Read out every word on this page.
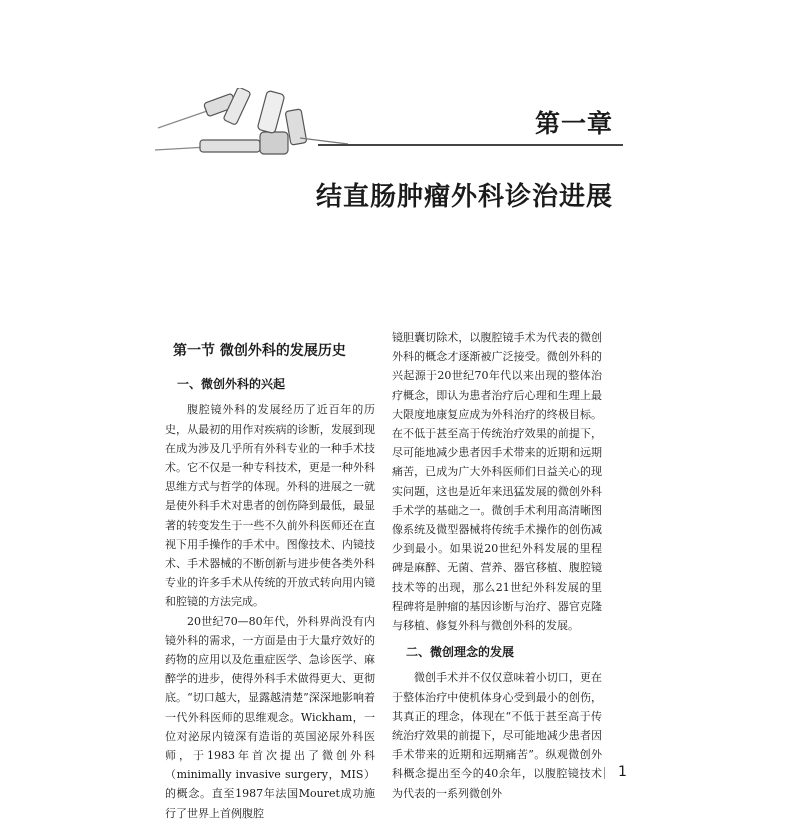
第一章
结直肠肿瘤外科诊治进展
第一节 微创外科的发展历史
一、微创外科的兴起

腹腔镜外科的发展经历了近百年的历史，从最初的用作对疾病的诊断，发展到现在成为涉及几乎所有外科专业的一种手术技术。它不仅是一种专科技术，更是一种外科思维方式与哲学的体现。外科的进展之一就是使外科手术对患者的创伤降到最低，最显著的转变发生于一些不久前外科医师还在直视下用手操作的手术中。图像技术、内镜技术、手术器械的不断创新与进步使各类外科专业的许多手术从传统的开放式转向用内镜和腔镜的方法完成。

20世纪70—80年代，外科界尚没有内镜外科的需求，一方面是由于大量疗效好的药物的应用以及危重症医学、急诊医学、麻醉学的进步，使得外科手术做得更大、更彻底。“切口越大，显露越清楚”深深地影响着一代外科医师的思维观念。Wickham，一位对泌尿内镜深有造诣的英国泌尿外科医师，于1983年首次提出了微创外科（minimally invasive surgery，MIS）的概念。直至1987年法国Mouret成功施行了世界上首例腹腔

镜胆囊切除术，以腹腔镜手术为代表的微创外科的概念才逐渐被广泛接受。微创外科的兴起源于20世纪70年代以来出现的整体治疗概念，即认为患者治疗后心理和生理上最大限度地康复应成为外科治疗的终极目标。在不低于甚至高于传统治疗效果的前提下，尽可能地减少患者因手术带来的近期和远期痛苦，已成为广大外科医师们日益关心的现实问题，这也是近年来迅猛发展的微创外科手术学的基础之一。微创手术利用高清晰图像系统及微型器械将传统手术操作的创伤减少到最小。如果说20世纪外科发展的里程碑是麻醉、无菌、营养、器官移植、腹腔镜技术等的出现，那么21世纪外科发展的里程碑将是肿瘤的基因诊断与治疗、器官克隆与移植、修复外科与微创外科的发展。

二、微创理念的发展

微创手术并不仅仅意味着小切口，更在于整体治疗中使机体身心受到最小的创伤，其真正的理念，体现在“不低于甚至高于传统治疗效果的前提下，尽可能地减少患者因手术带来的近期和远期痛苦”。纵观微创外科概念提出至今的40余年，以腹腔镜技术为代表的一系列微创外

1
